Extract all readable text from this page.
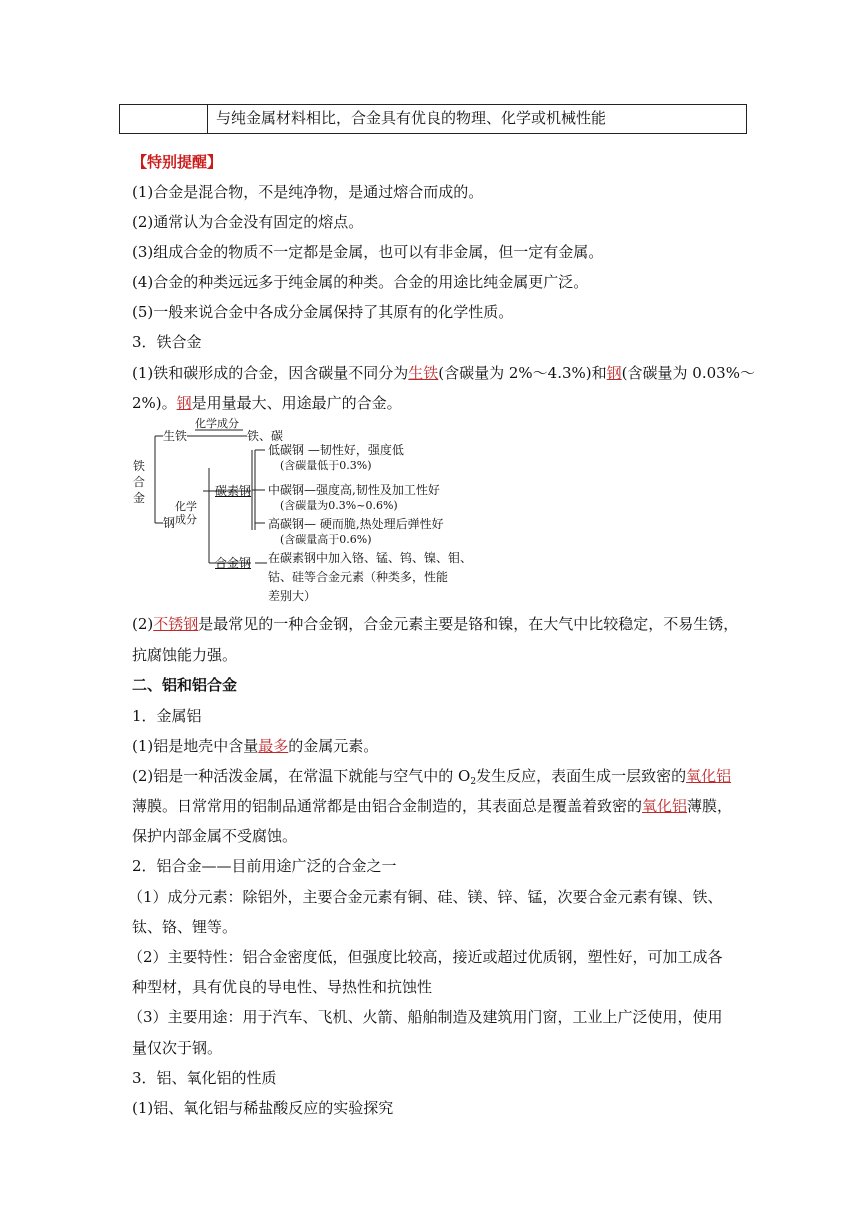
与纯金属材料相比，合金具有优良的物理、化学或机械性能
【特别提醒】
(1)合金是混合物，不是纯净物，是通过熔合而成的。
(2)通常认为合金没有固定的熔点。
(3)组成合金的物质不一定都是金属，也可以有非金属，但一定有金属。
(4)合金的种类远远多于纯金属的种类。合金的用途比纯金属更广泛。
(5)一般来说合金中各成分金属保持了其原有的化学性质。
3．铁合金
(1)铁和碳形成的合金，因含碳量不同分为生铁(含碳量为 2%～4.3%)和钢(含碳量为 0.03%～
2%)。钢是用量最大、用途最广的合金。
铁合金
生铁
化学成分
铁、碳
钢
化学
成分
碳素钢
低碳钢 —韧性好，强度低
(含碳量低于0.3%)
中碳钢—强度高,韧性及加工性好
(含碳量为0.3%~0.6%)
高碳钢— 硬而脆,热处理后弹性好
(含碳量高于0.6%)
合金钢 在碳素钢中加入铬、锰、钨、镍、钼、
钴、硅等合金元素（种类多，性能
差别大）
(2)不锈钢是最常见的一种合金钢，合金元素主要是铬和镍，在大气中比较稳定，不易生锈，
抗腐蚀能力强。
二、铝和铝合金
1．金属铝
(1)铝是地壳中含量最多的金属元素。
(2)铝是一种活泼金属，在常温下就能与空气中的 $O_2$发生反应，表面生成一层致密的氧化铝
薄膜。日常常用的铝制品通常都是由铝合金制造的，其表面总是覆盖着致密的氧化铝薄膜，
保护内部金属不受腐蚀。
2．铝合金——目前用途广泛的合金之一
（1）成分元素：除铝外，主要合金元素有铜、硅、镁、锌、锰，次要合金元素有镍、铁、
钛、铬、锂等。
（2）主要特性：铝合金密度低，但强度比较高，接近或超过优质钢，塑性好，可加工成各
种型材，具有优良的导电性、导热性和抗蚀性
（3）主要用途：用于汽车、飞机、火箭、船舶制造及建筑用门窗，工业上广泛使用，使用
量仅次于钢。
3．铝、氧化铝的性质
(1)铝、氧化铝与稀盐酸反应的实验探究
